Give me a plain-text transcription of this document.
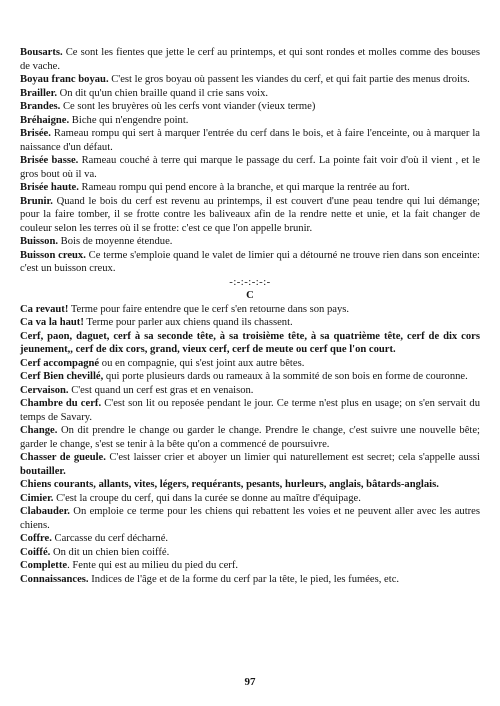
Bousarts. Ce sont les fientes que jette le cerf au printemps, et qui sont rondes et molles comme des bouses de vache.

Boyau franc boyau. C'est le gros boyau où passent les viandes du cerf, et qui fait partie des menus droits.

Brailler. On dit qu'un chien braille quand il crie sans voix.

Brandes. Ce sont les bruyères où les cerfs vont viander (vieux terme)

Bréhaigne. Biche qui n'engendre point.

Brisée. Rameau rompu qui sert à marquer l'entrée du cerf dans le bois, et à faire l'enceinte, ou à marquer la naissance d'un défaut.

Brisée basse. Rameau couché à terre qui marque le passage du cerf. La pointe fait voir d'où il vient , et le gros bout où il va.

Brisée haute. Rameau rompu qui pend encore à la branche, et qui marque la rentrée au fort.

Brunir. Quand le bois du cerf est revenu au printemps, il est couvert d'une peau tendre qui lui démange; pour la faire tomber, il se frotte contre les baliveaux afin de la rendre nette et unie, et la fait changer de couleur selon les terres où il se frotte: c'est ce que l'on appelle brunir.

Buisson. Bois de moyenne étendue.

Buisson creux. Ce terme s'emploie quand le valet de limier qui a détourné ne trouve rien dans son enceinte: c'est un buisson creux.

-:-:-:-:-:-

C

Ca revaut! Terme pour faire entendre que le cerf s'en retourne dans son pays.

Ca va la haut! Terme pour parler aux chiens quand ils chassent.

Cerf, paon, daguet, cerf à sa seconde tête, à sa troisième tête, à sa quatrième tête, cerf de dix cors jeunement,, cerf de dix cors, grand, vieux cerf, cerf de meute ou cerf que l'on court.

Cerf accompagné ou en compagnie, qui s'est joint aux autre bêtes.

Cerf Bien chevillé, qui porte plusieurs dards ou rameaux à la sommité de son bois en forme de couronne.

Cervaison. C'est quand un cerf est gras et en venaison.

Chambre du cerf. C'est son lit ou reposée pendant le jour. Ce terme n'est plus en usage; on s'en servait du temps de Savary.

Change. On dit prendre le change ou garder le change. Prendre le change, c'est suivre une nouvelle bête; garder le change, s'est se tenir à la bête qu'on a commencé de poursuivre.

Chasser de gueule. C'est laisser crier et aboyer un limier qui naturellement est secret; cela s'appelle aussi boutailler.

Chiens courants, allants, vites, légers, requérants, pesants, hurleurs, anglais, bâtards-anglais.

Cimier. C'est la croupe du cerf, qui dans la curée se donne au maître d'équipage.

Clabauder. On emploie ce terme pour les chiens qui rebattent les voies et ne peuvent aller avec les autres chiens.

Coffre. Carcasse du cerf décharné.

Coiffé. On dit un chien bien coiffé.

Complette. Fente qui est au milieu du pied du cerf.

Connaissances. Indices de l'âge et de la forme du cerf par la tête, le pied, les fumées, etc.

97
